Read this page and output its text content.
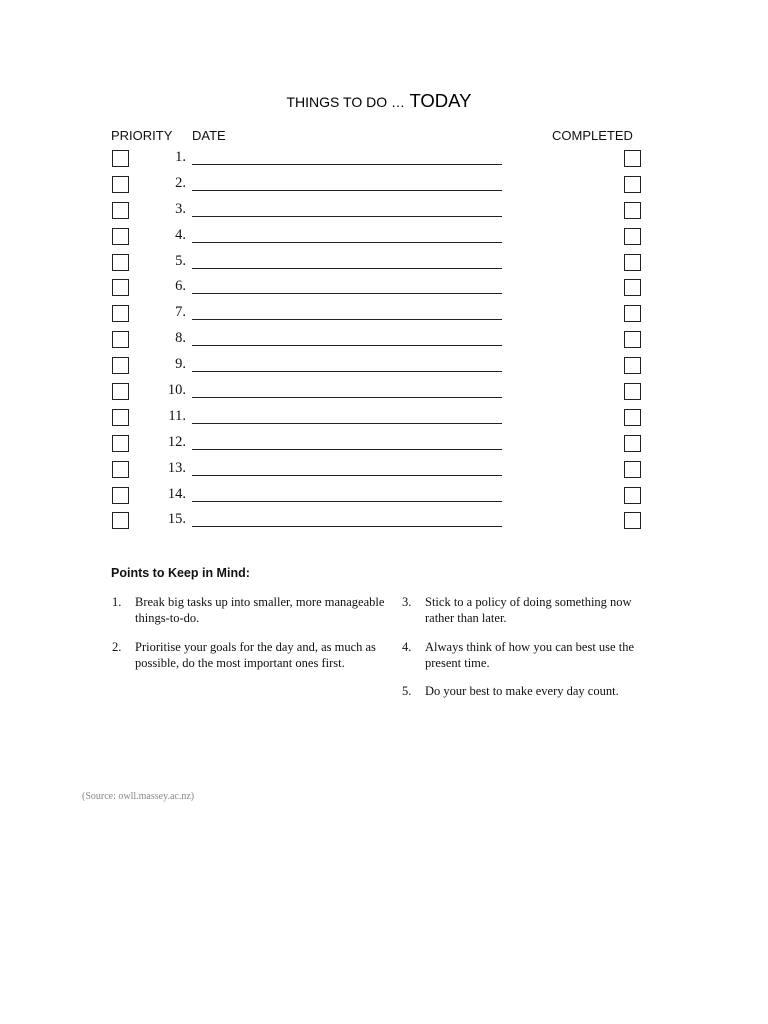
THINGS TO DO … TODAY
PRIORITY DATE	COMPLETED
1.
2.
3.
4.
5.
6.
7.
8.
9.
10.
11.
12.
13.
14.
15.
Points to Keep in Mind:
1. Break big tasks up into smaller, more manageable things-to-do.
2. Prioritise your goals for the day and, as much as possible, do the most important ones first.
3. Stick to a policy of doing something now rather than later.
4. Always think of how you can best use the present time.
5. Do your best to make every day count.
(Source: owll.massey.ac.nz)
